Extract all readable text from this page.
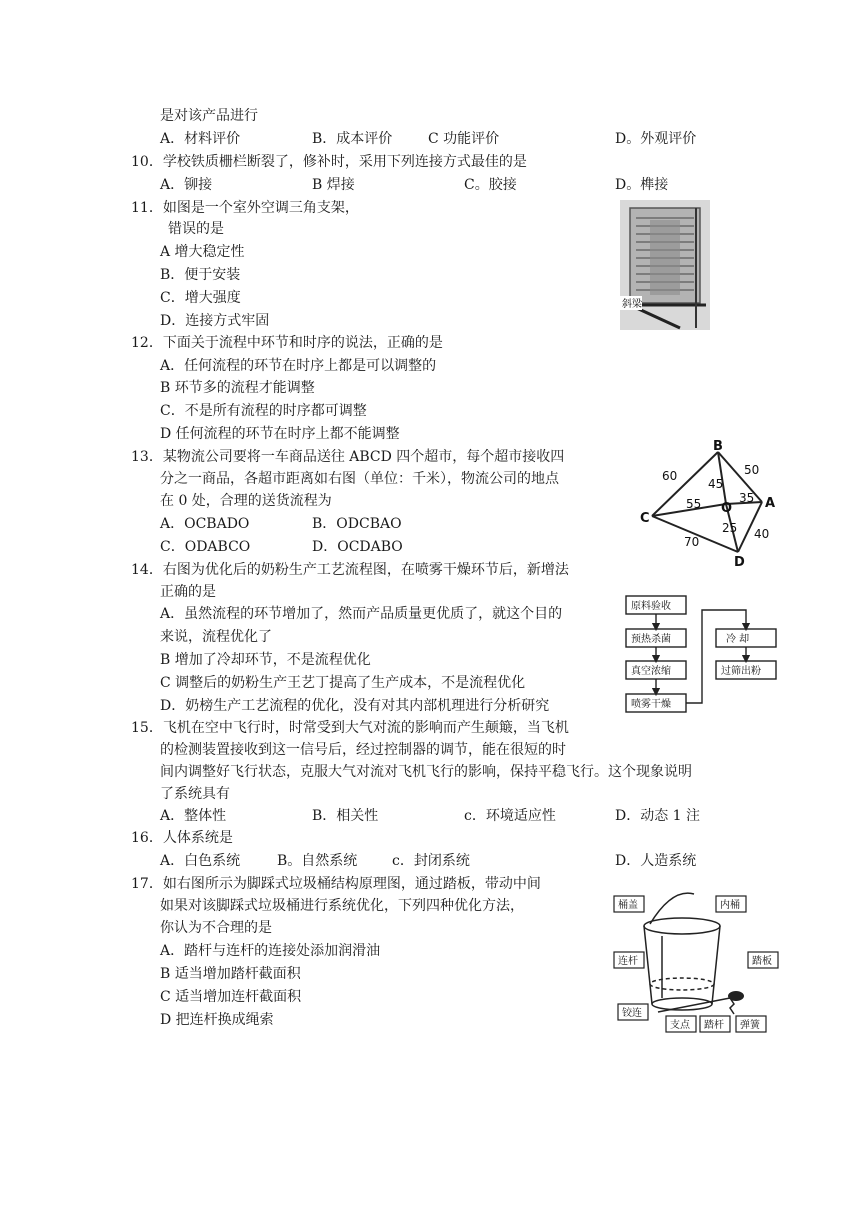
是对该产品进行
A．材料评价	B．成本评价	C 功能评价	D。外观评价
10．学校铁质栅栏断裂了，修补时，采用下列连接方式最佳的是
A．铆接	B 焊接	C。胶接	D。榫接
11．如图是一个室外空调三角支架，
错误的是
A 增大稳定性
B．便于安装
C．增大强度
D．连接方式牢固
斜梁
12．下面关于流程中环节和时序的说法，正确的是
A．任何流程的环节在时序上都是可以调整的
B 环节多的流程才能调整
C．不是所有流程的时序都可调整
D 任何流程的环节在时序上都不能调整
13．某物流公司要将一车商品送往 ABCD 四个超市，每个超市接收四
分之一商品，各超市距离如右图（单位：千米），物流公司的地点
在 0 处，合理的送货流程为
A．OCBADO	B．ODCBAO
C．ODABCO	D．OCDABO
B
C
A
D
O
60	50
45
55	35
25
70
40
14．右图为优化后的奶粉生产工艺流程图，在喷雾干燥环节后，新增法
正确的是
A．虽然流程的环节增加了，然而产品质量更优质了，就这个目的
来说，流程优化了
B 增加了冷却环节，不是流程优化
C 调整后的奶粉生产王艺丁提高了生产成本，不是流程优化
D．奶榜生产工艺流程的优化，没有对其内部机理进行分析研究
原料验收
预热杀菌
真空浓缩
喷雾干燥
冷 却
过筛出粉
15．飞机在空中飞行时，时常受到大气对流的影响而产生颠簸，当飞机
的检测装置接收到这一信号后，经过控制器的调节，能在很短的时
间内调整好飞行状态，克服大气对流对飞机飞行的影响，保持平稳飞行。这个现象说明
了系统具有
A．整体性	B．相关性	c．环境适应性	D．动态 1 注
16．人体系统是
A．白色系统	B。自然系统 c．封闭系统	D．人造系统
17．如右图所示为脚踩式垃圾桶结构原理图，通过踏板，带动中间
如果对该脚踩式垃圾桶进行系统优化，下列四种优化方法，
你认为不合理的是
A．踏杆与连杆的连接处添加润滑油
B 适当增加踏杆截面积
C 适当增加连杆截面积
D 把连杆换成绳索
桶盖	内桶
连杆	踏板
铰连
支点 踏杆 弹簧
